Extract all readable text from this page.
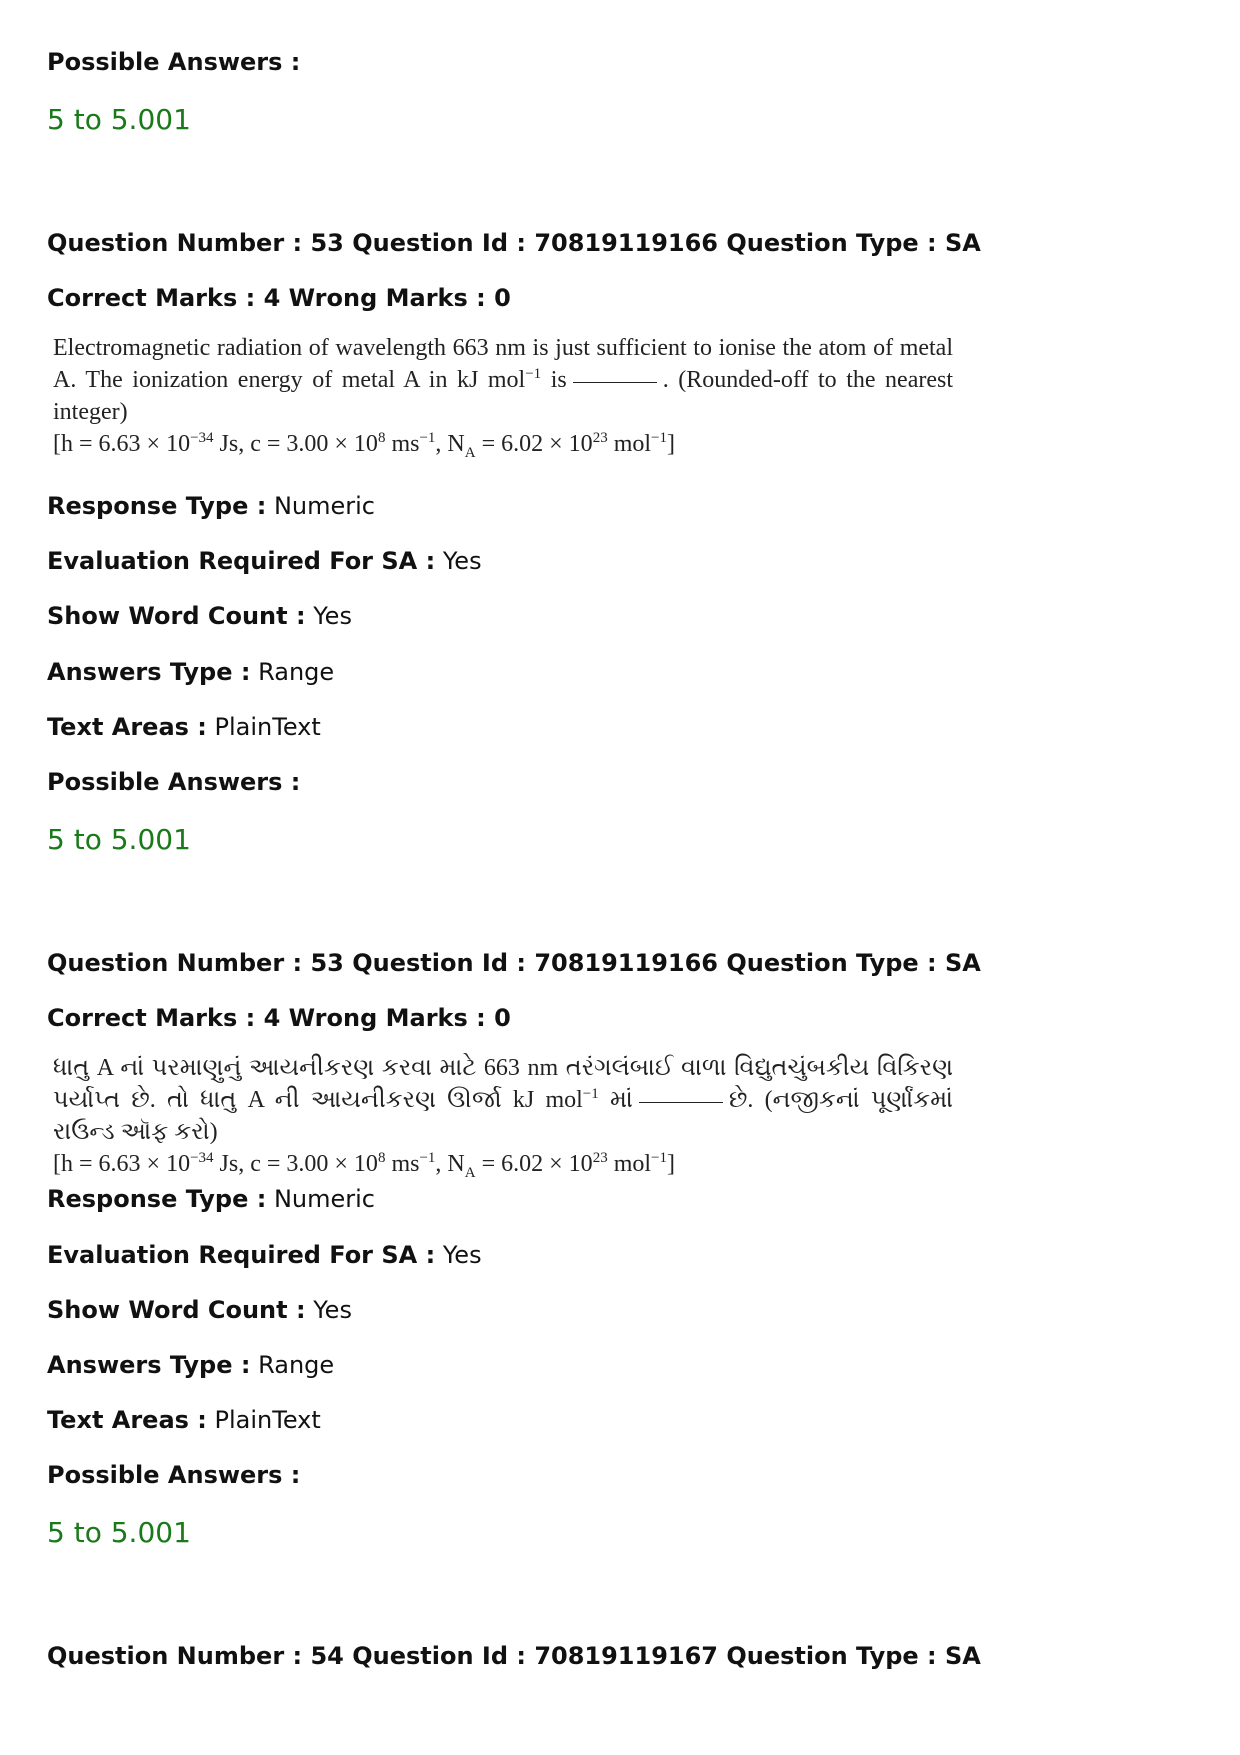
Possible Answers :
5 to 5.001
Question Number : 53 Question Id : 70819119166 Question Type : SA
Correct Marks : 4 Wrong Marks : 0
Electromagnetic radiation of wavelength 663 nm is just sufficient to ionise the atom of metal A. The ionization energy of metal A in kJ mol$^{-1}$ is	. (Rounded-off to the nearest integer)
[$h = 6.63 \times 10^{-34}$ Js, $c = 3.00 \times 10^8$ $ms^{-1}$, $N_A = 6.02 \times 10^{23}$ mol$^{-1}$]
Response Type : Numeric
Evaluation Required For SA : Yes
Show Word Count : Yes
Answers Type : Range
Text Areas : PlainText
Possible Answers :
5 to 5.001
Question Number : 53 Question Id : 70819119166 Question Type : SA
Correct Marks : 4 Wrong Marks : 0
ધાતુ A નાં પરમાણુનું આયનીકરણ કરવા માટે 663 nm તરંગલંબાઈ વાળા વિદ્યુતચુંબકીય વિકિરણ પર્યાપ્ત છે. તો ધાતુ A ની આયનીકરણ ઊર્જા kJ mol$^{-1}$ માં	છે. (નજીકનાં પૂર્ણાંકમાં રાઉન્ડ ઑફ કરો)
[$h = 6.63 \times 10^{-34}$ Js, $c = 3.00 \times 10^8$ $ms^{-1}$, $N_A = 6.02 \times 10^{23}$ mol$^{-1}$]
Response Type : Numeric
Evaluation Required For SA : Yes
Show Word Count : Yes
Answers Type : Range
Text Areas : PlainText
Possible Answers :
5 to 5.001
Question Number : 54 Question Id : 70819119167 Question Type : SA
